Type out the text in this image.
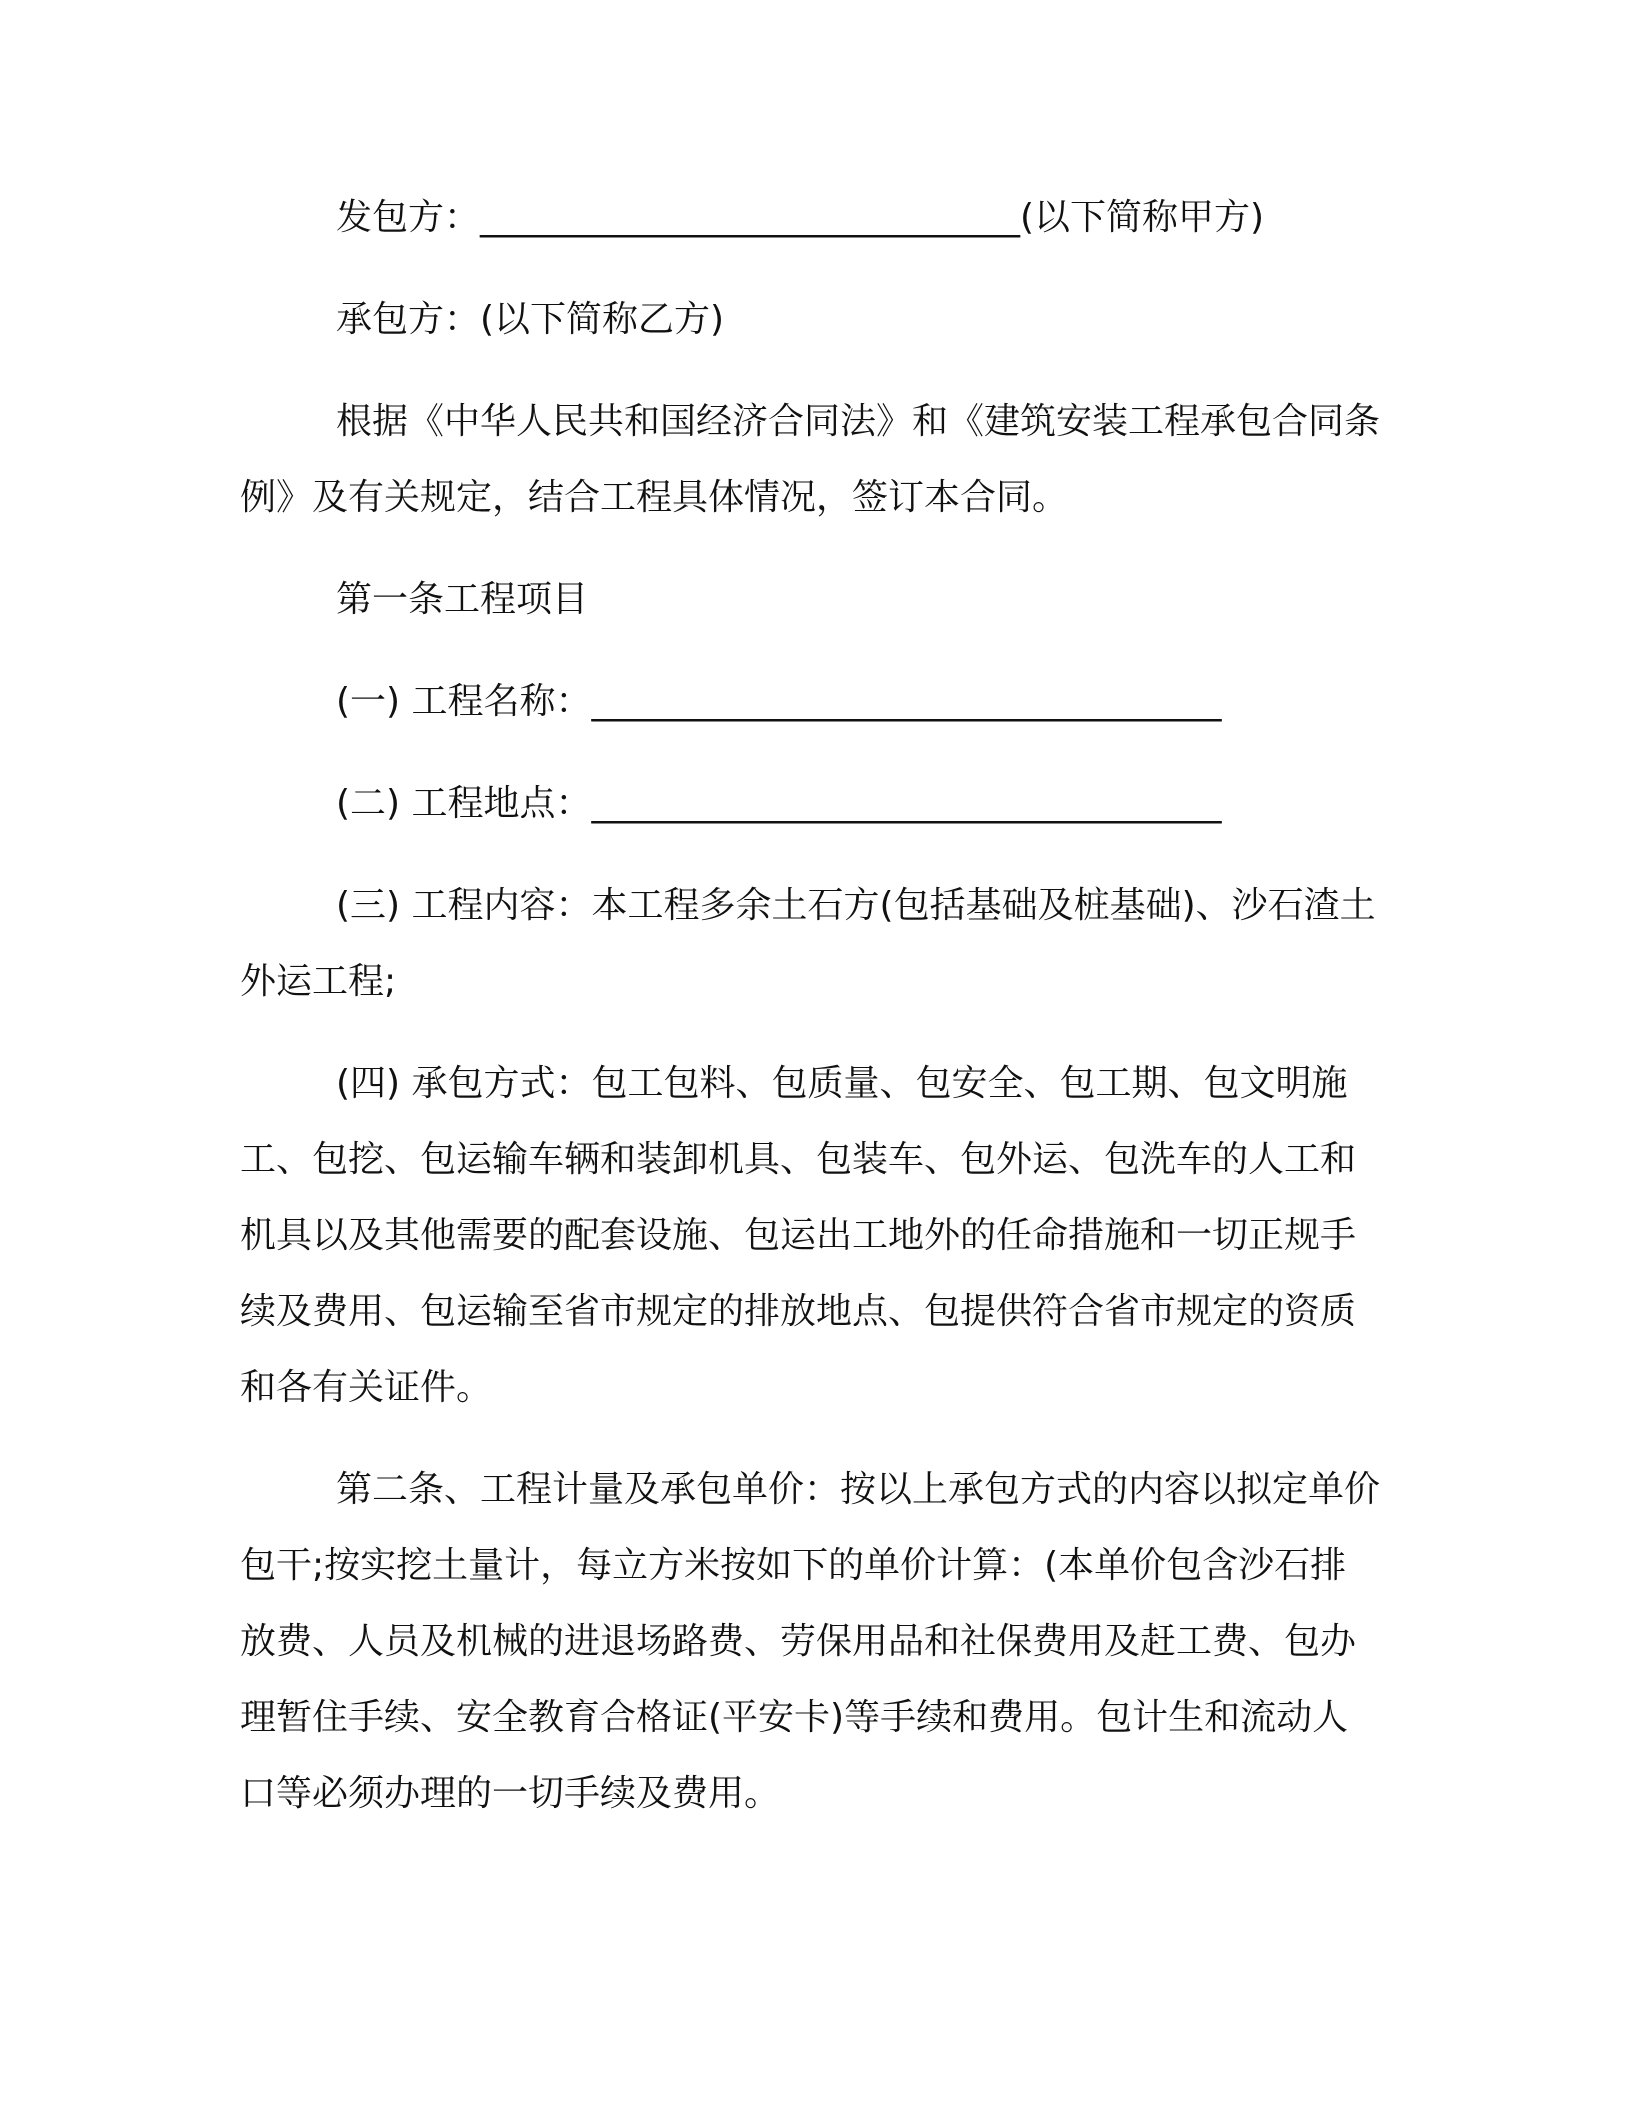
发包方：______________________________(以下简称甲方)

承包方：(以下简称乙方)

根据《中华人民共和国经济合同法》和《建筑安装工程承包合同条例》及有关规定，结合工程具体情况，签订本合同。

第一条工程项目

(一) 工程名称：___________________________________

(二) 工程地点：___________________________________

(三) 工程内容：本工程多余土石方(包括基础及桩基础)、沙石渣土外运工程;

(四) 承包方式：包工包料、包质量、包安全、包工期、包文明施工、包挖、包运输车辆和装卸机具、包装车、包外运、包洗车的人工和机具以及其他需要的配套设施、包运出工地外的任命措施和一切正规手续及费用、包运输至省市规定的排放地点、包提供符合省市规定的资质和各有关证件。

第二条、工程计量及承包单价：按以上承包方式的内容以拟定单价包干;按实挖土量计，每立方米按如下的单价计算：(本单价包含沙石排放费、人员及机械的进退场路费、劳保用品和社保费用及赶工费、包办理暂住手续、安全教育合格证(平安卡)等手续和费用。包计生和流动人口等必须办理的一切手续及费用。
